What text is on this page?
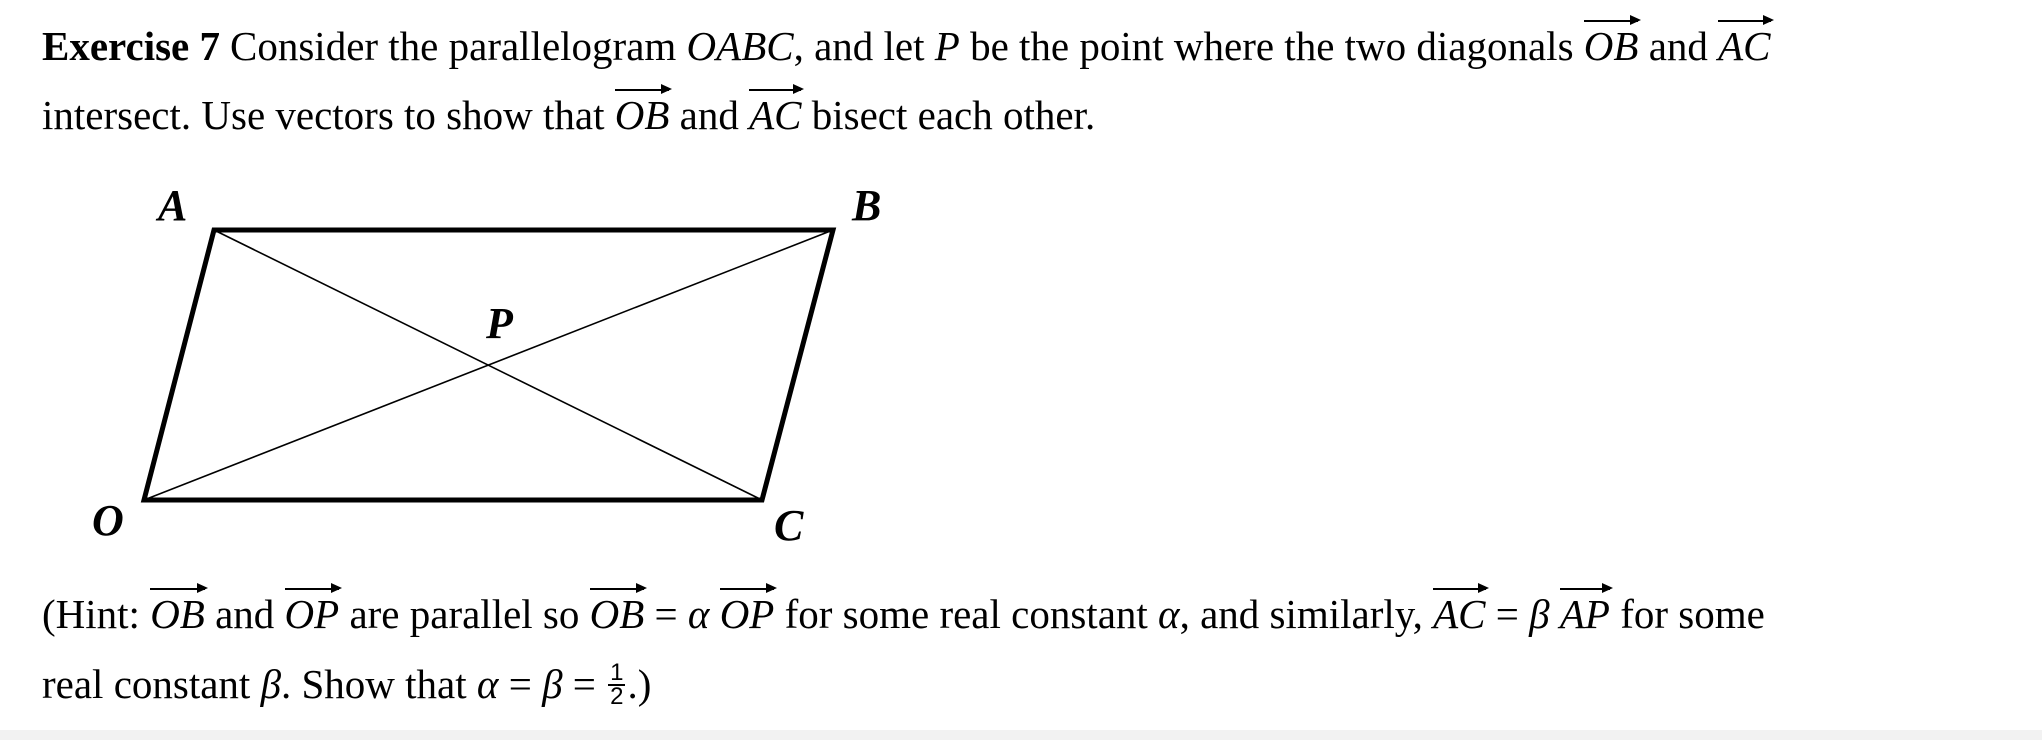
Exercise 7 Consider the parallelogram OABC, and let P be the point where the two diagonals OB and AC
intersect. Use vectors to show that OB and AC bisect each other.
A	B
P
O	C
(Hint: OB and OP are parallel so OB = α OP for some real constant α, and similarly, AC = β AP for some
real constant β. Show that $\alpha = \beta = \frac{1}{2}$ .)
